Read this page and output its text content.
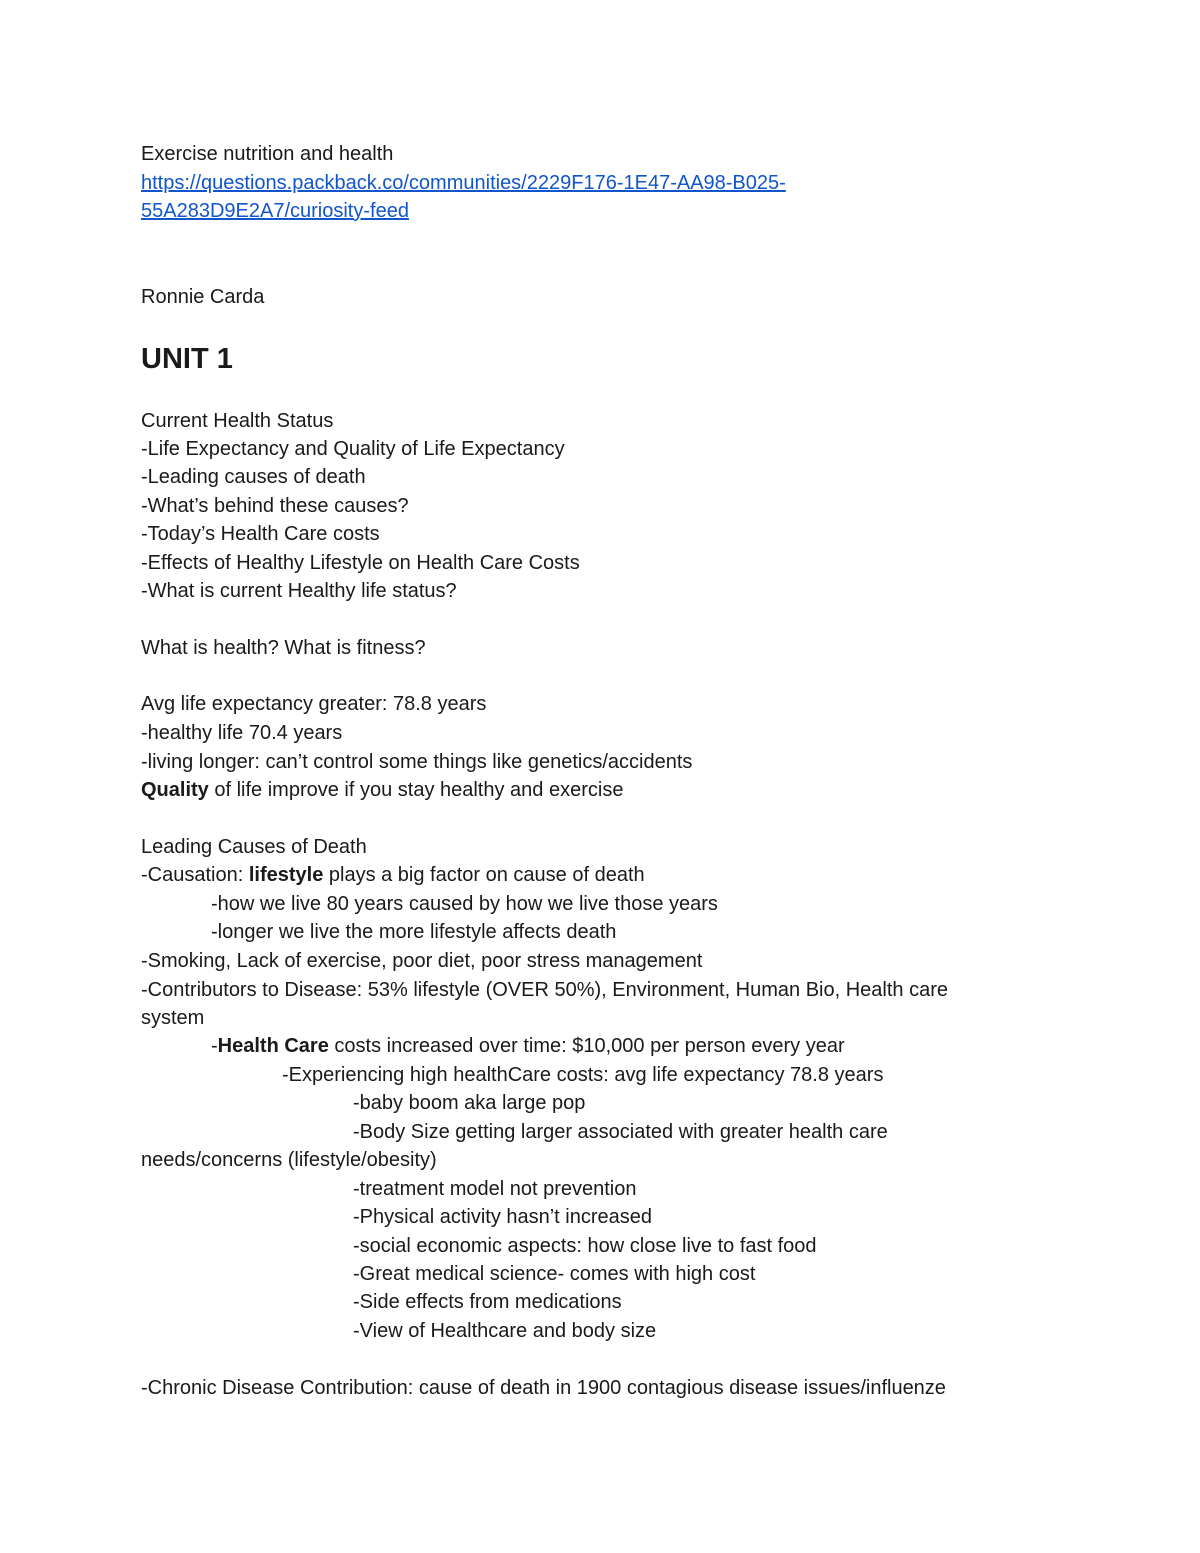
Exercise nutrition and health
https://questions.packback.co/communities/2229F176-1E47-AA98-B025-
55A283D9E2A7/curiosity-feed
Ronnie Carda
UNIT 1
Current Health Status
-Life Expectancy and Quality of Life Expectancy
-Leading causes of death
-What’s behind these causes?
-Today’s Health Care costs
-Effects of Healthy Lifestyle on Health Care Costs
-What is current Healthy life status?
What is health? What is fitness?
Avg life expectancy greater: 78.8 years
-healthy life 70.4 years
-living longer: can’t control some things like genetics/accidents
Quality of life improve if you stay healthy and exercise
Leading Causes of Death
-Causation: lifestyle plays a big factor on cause of death
-how we live 80 years caused by how we live those years
-longer we live the more lifestyle affects death
-Smoking, Lack of exercise, poor diet, poor stress management
-Contributors to Disease: 53% lifestyle (OVER 50%), Environment, Human Bio, Health care
system
-Health Care costs increased over time: $10,000 per person every year
-Experiencing high healthCare costs: avg life expectancy 78.8 years
-baby boom aka large pop
-Body Size getting larger associated with greater health care
needs/concerns (lifestyle/obesity)
-treatment model not prevention
-Physical activity hasn’t increased
-social economic aspects: how close live to fast food
-Great medical science- comes with high cost
-Side effects from medications
-View of Healthcare and body size
-Chronic Disease Contribution: cause of death in 1900 contagious disease issues/influenze
